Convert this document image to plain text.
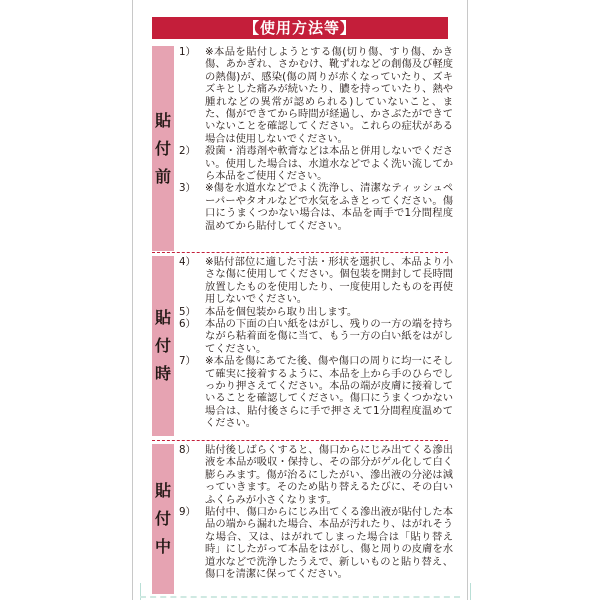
【使用方法等】
貼
付
前
1） ※本品を貼付しようとする傷(切り傷、すり傷、かき傷、あかぎれ、さかむけ、靴ずれなどの創傷及び軽度の熱傷)が、感染(傷の周りが赤くなっていたり、ズキズキとした痛みが続いたり、膿を持っていたり、熱や腫れなどの異常が認められる)していないこと、また、傷ができてから時間が経過し、かさぶたができていないことを確認してください。これらの症状がある場合は使用しないでください。
2） 殺菌・消毒剤や軟膏などは本品と併用しないでください。使用した場合は、水道水などでよく洗い流してから本品をご使用ください。
3） ※傷を水道水などでよく洗浄し、清潔なティッシュペーパーやタオルなどで水気をふきとってください。傷口にうまくつかない場合は、本品を両手で1分間程度温めてから貼付してください。
貼
付
時
4） ※貼付部位に適した寸法・形状を選択し、本品より小さな傷に使用してください。個包装を開封して長時間放置したものを使用したり、一度使用したものを再使用しないでください。
5） 本品を個包装から取り出します。
6） 本品の下面の白い紙をはがし、残りの一方の端を持ちながら粘着面を傷に当て、もう一方の白い紙をはがしてください。
7） ※本品を傷にあてた後、傷や傷口の周りに均一にそして確実に接着するように、本品を上から手のひらでしっかり押さえてください。本品の端が皮膚に接着していることを確認してください。傷口にうまくつかない場合は、貼付後さらに手で押さえて1分間程度温めてください。
貼
付
中
8） 貼付後しばらくすると、傷口からにじみ出てくる滲出液を本品が吸収・保持し、その部分がゲル化して白く膨らみます。傷が治るにしたがい、滲出液の分泌は減っていきます。そのため貼り替えるたびに、その白いふくらみが小さくなります。
9） 貼付中、傷口からにじみ出てくる滲出液が貼付した本品の端から漏れた場合、本品が汚れたり、はがれそうな場合、又は、はがれてしまった場合は「貼り替え時」にしたがって本品をはがし、傷と周りの皮膚を水道水などで洗浄したうえで、新しいものと貼り替え、傷口を清潔に保ってください。
